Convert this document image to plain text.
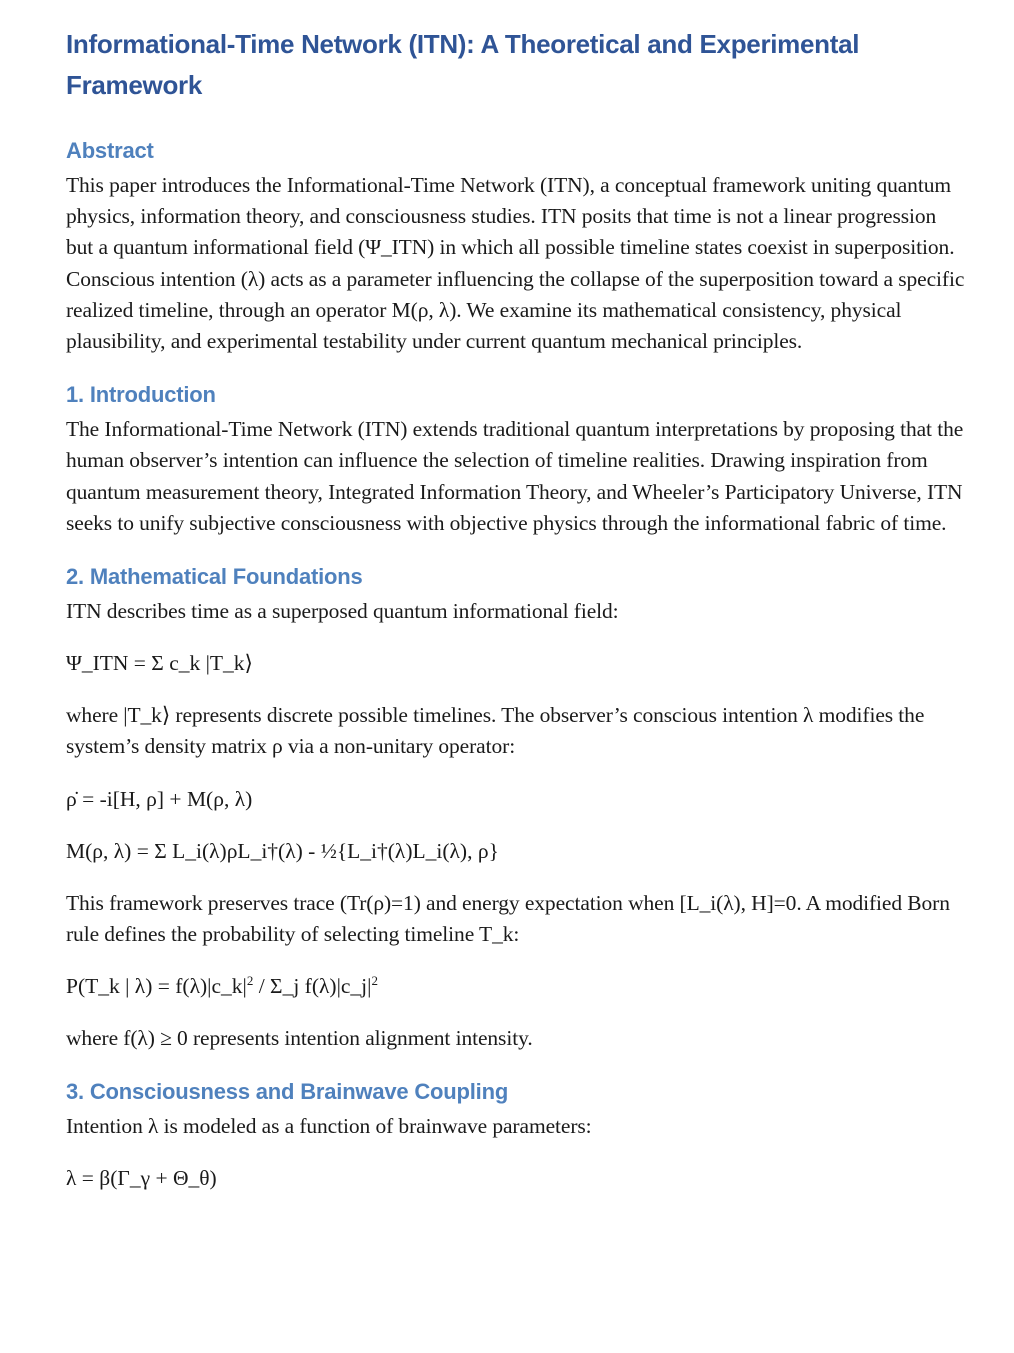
Informational-Time Network (ITN): A Theoretical and Experimental Framework
Abstract

This paper introduces the Informational-Time Network (ITN), a conceptual framework uniting quantum physics, information theory, and consciousness studies. ITN posits that time is not a linear progression but a quantum informational field (Ψ_ITN) in which all possible timeline states coexist in superposition. Conscious intention (λ) acts as a parameter influencing the collapse of the superposition toward a specific realized timeline, through an operator M(ρ, λ). We examine its mathematical consistency, physical plausibility, and experimental testability under current quantum mechanical principles.

1. Introduction

The Informational-Time Network (ITN) extends traditional quantum interpretations by proposing that the human observer’s intention can influence the selection of timeline realities. Drawing inspiration from quantum measurement theory, Integrated Information Theory, and Wheeler’s Participatory Universe, ITN seeks to unify subjective consciousness with objective physics through the informational fabric of time.

2. Mathematical Foundations

ITN describes time as a superposed quantum informational field:

Ψ_ITN = Σ c_k |T_k⟩

where |T_k⟩ represents discrete possible timelines. The observer’s conscious intention λ modifies the system’s density matrix ρ via a non-unitary operator:

ρ̇ = -i[H, ρ] + M(ρ, λ)

M(ρ, λ) = Σ L_i(λ)ρL_i†(λ) - ½{L_i†(λ)L_i(λ), ρ}

This framework preserves trace (Tr(ρ)=1) and energy expectation when [L_i(λ), H]=0. A modified Born rule defines the probability of selecting timeline T_k:

P(T_k | $\lambda) = f(\lambda)|c\_k|^2$ / Σ_j $f(\lambda)|c\_j|^2$

where f(λ) ≥ 0 represents intention alignment intensity.

3. Consciousness and Brainwave Coupling

Intention λ is modeled as a function of brainwave parameters:

λ = β(Γ_γ + Θ_θ)
